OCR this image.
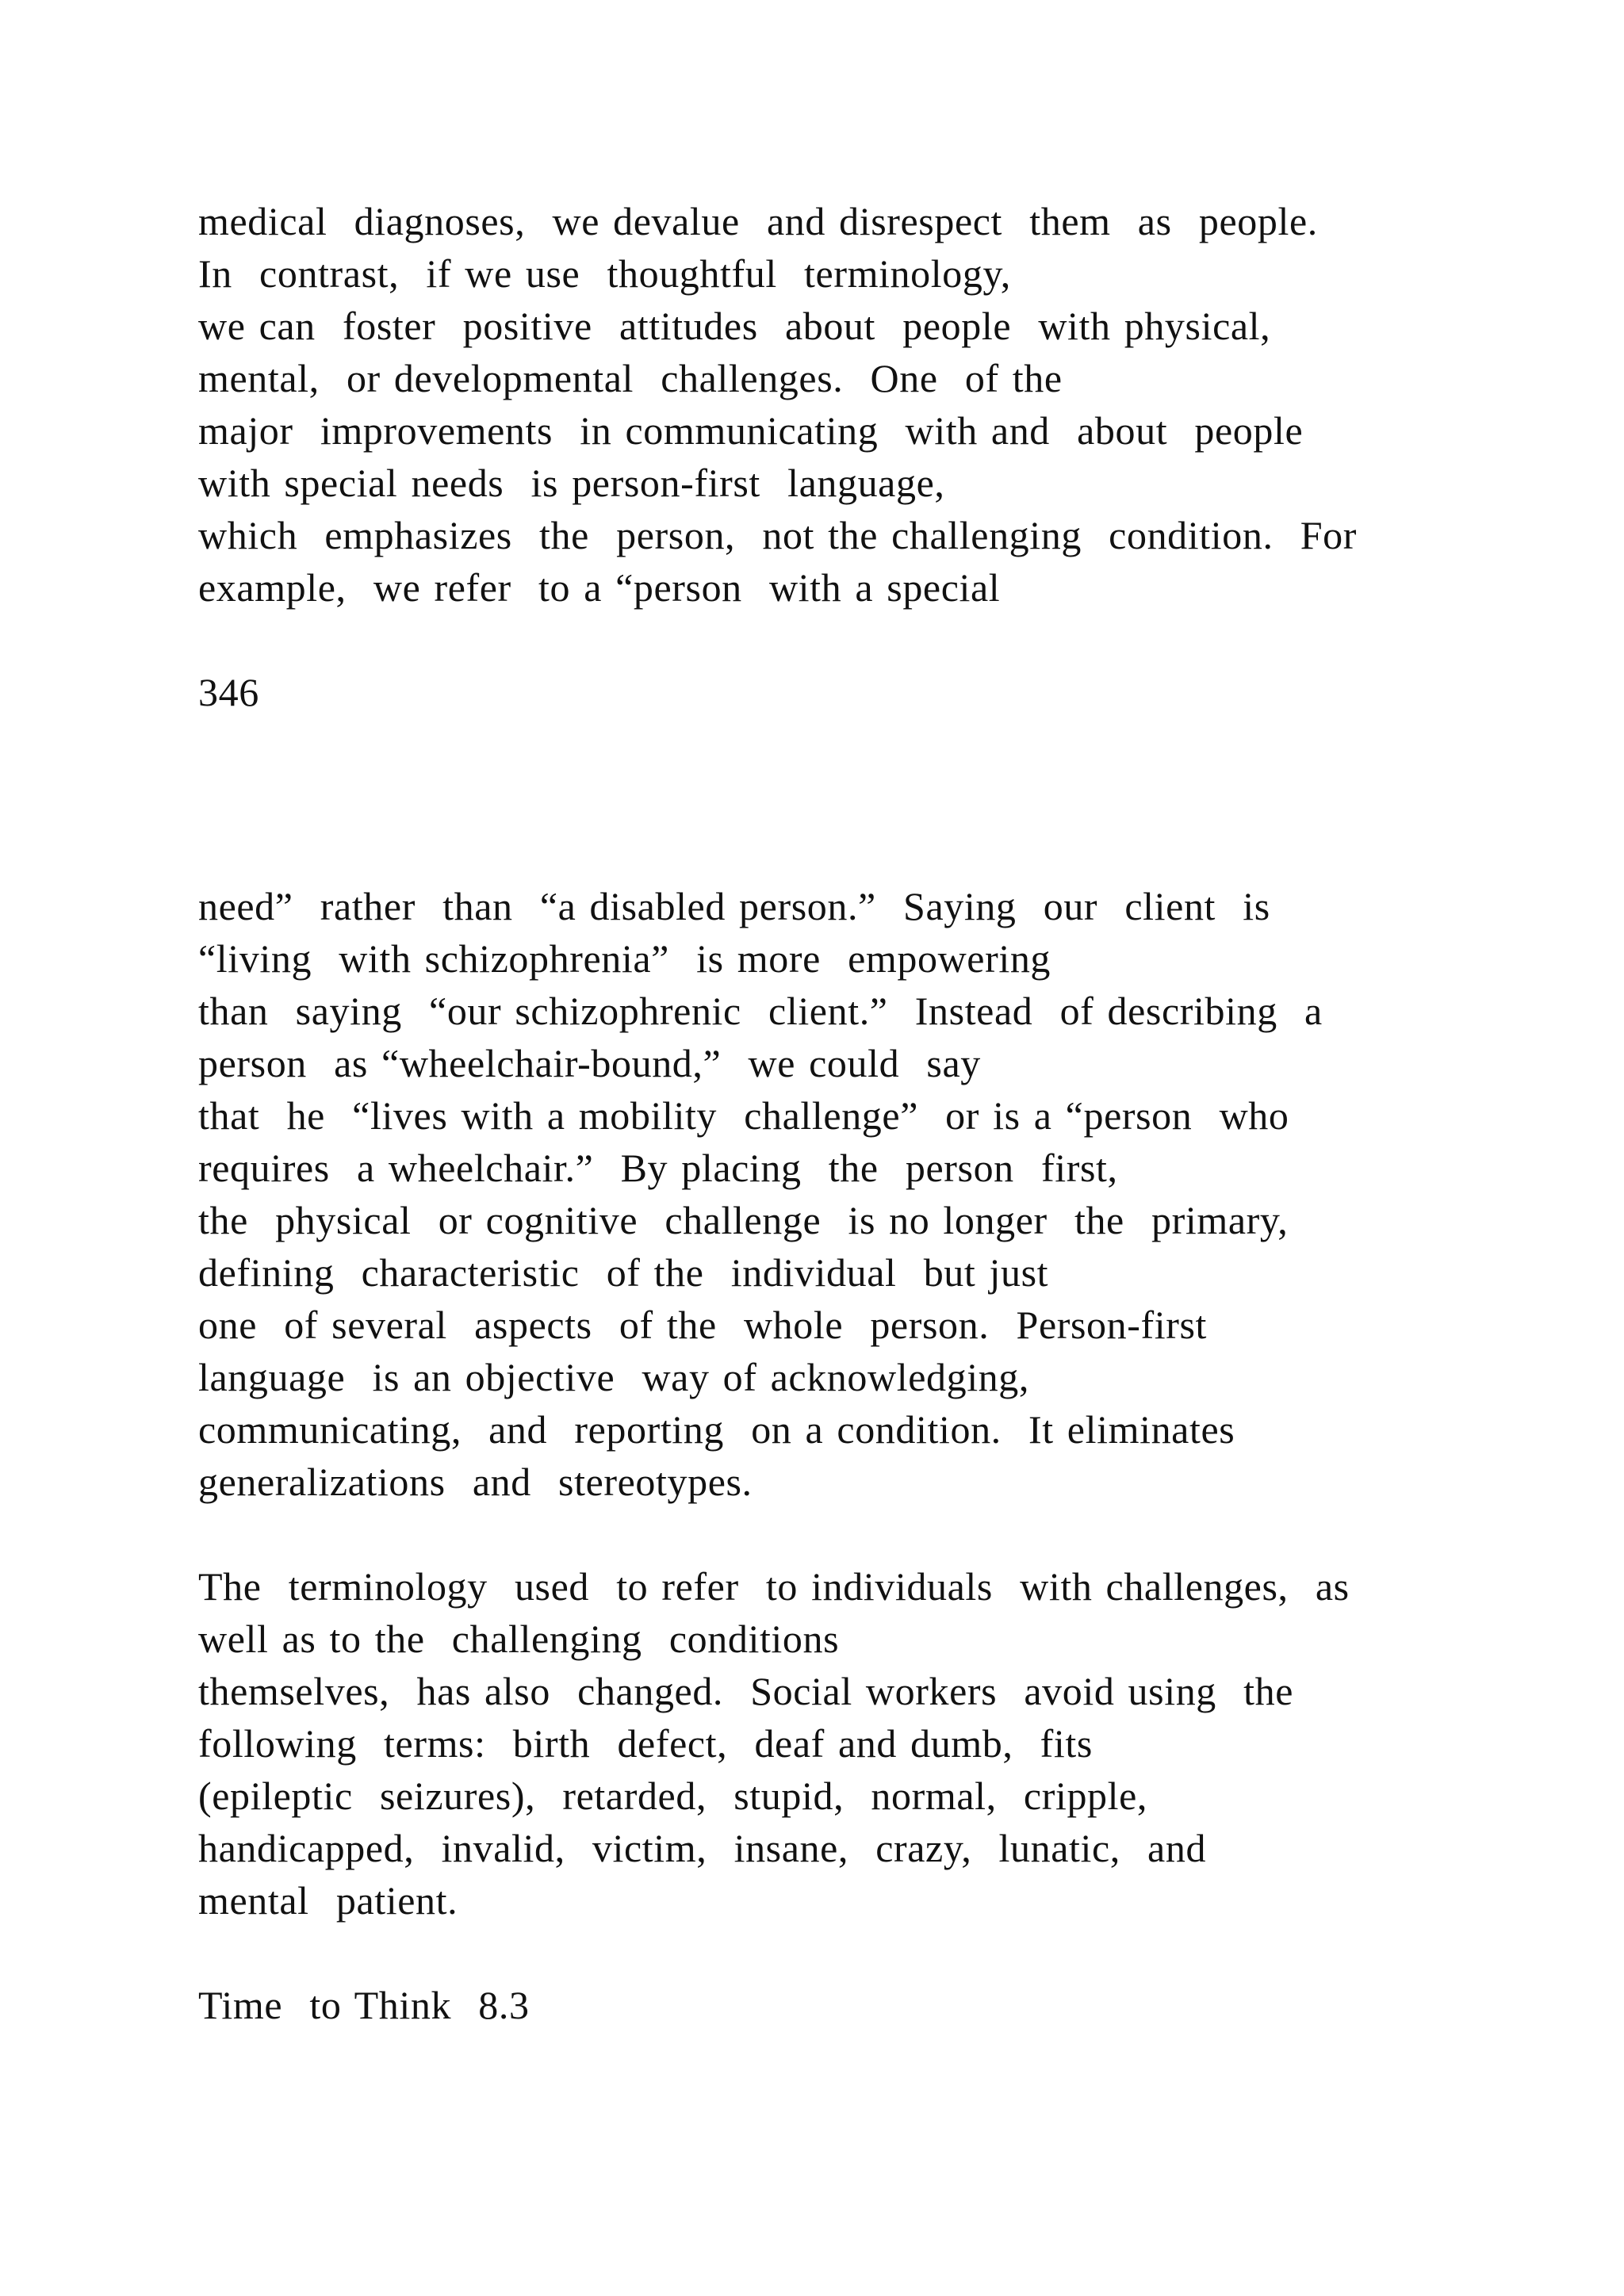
medical  diagnoses,  we devalue  and disrespect  them  as  people.
In  contrast,  if we use  thoughtful  terminology,
we can  foster  positive  attitudes  about  people  with physical,
mental,  or developmental  challenges.  One  of the
major  improvements  in communicating  with and  about  people
with special needs  is person-first  language,
which  emphasizes  the  person,  not the challenging  condition.  For
example,  we refer  to a “person  with a special
346
need”  rather  than  “a disabled person.”  Saying  our  client  is
“living  with schizophrenia”  is more  empowering
than  saying  “our schizophrenic  client.”  Instead  of describing  a
person  as “wheelchair-bound,”  we could  say
that  he  “lives with a mobility  challenge”  or is a “person  who
requires  a wheelchair.”  By placing  the  person  first,
the  physical  or cognitive  challenge  is no longer  the  primary,
defining  characteristic  of the  individual  but just
one  of several  aspects  of the  whole  person.  Person-first
language  is an objective  way of acknowledging,
communicating,  and  reporting  on a condition.  It eliminates
generalizations  and  stereotypes.
The  terminology  used  to refer  to individuals  with challenges,  as
well as to the  challenging  conditions
themselves,  has also  changed.  Social workers  avoid using  the
following  terms:  birth  defect,  deaf and dumb,  fits
(epileptic  seizures),  retarded,  stupid,  normal,  cripple,
handicapped,  invalid,  victim,  insane,  crazy,  lunatic,  and
mental  patient.
Time  to Think  8.3
